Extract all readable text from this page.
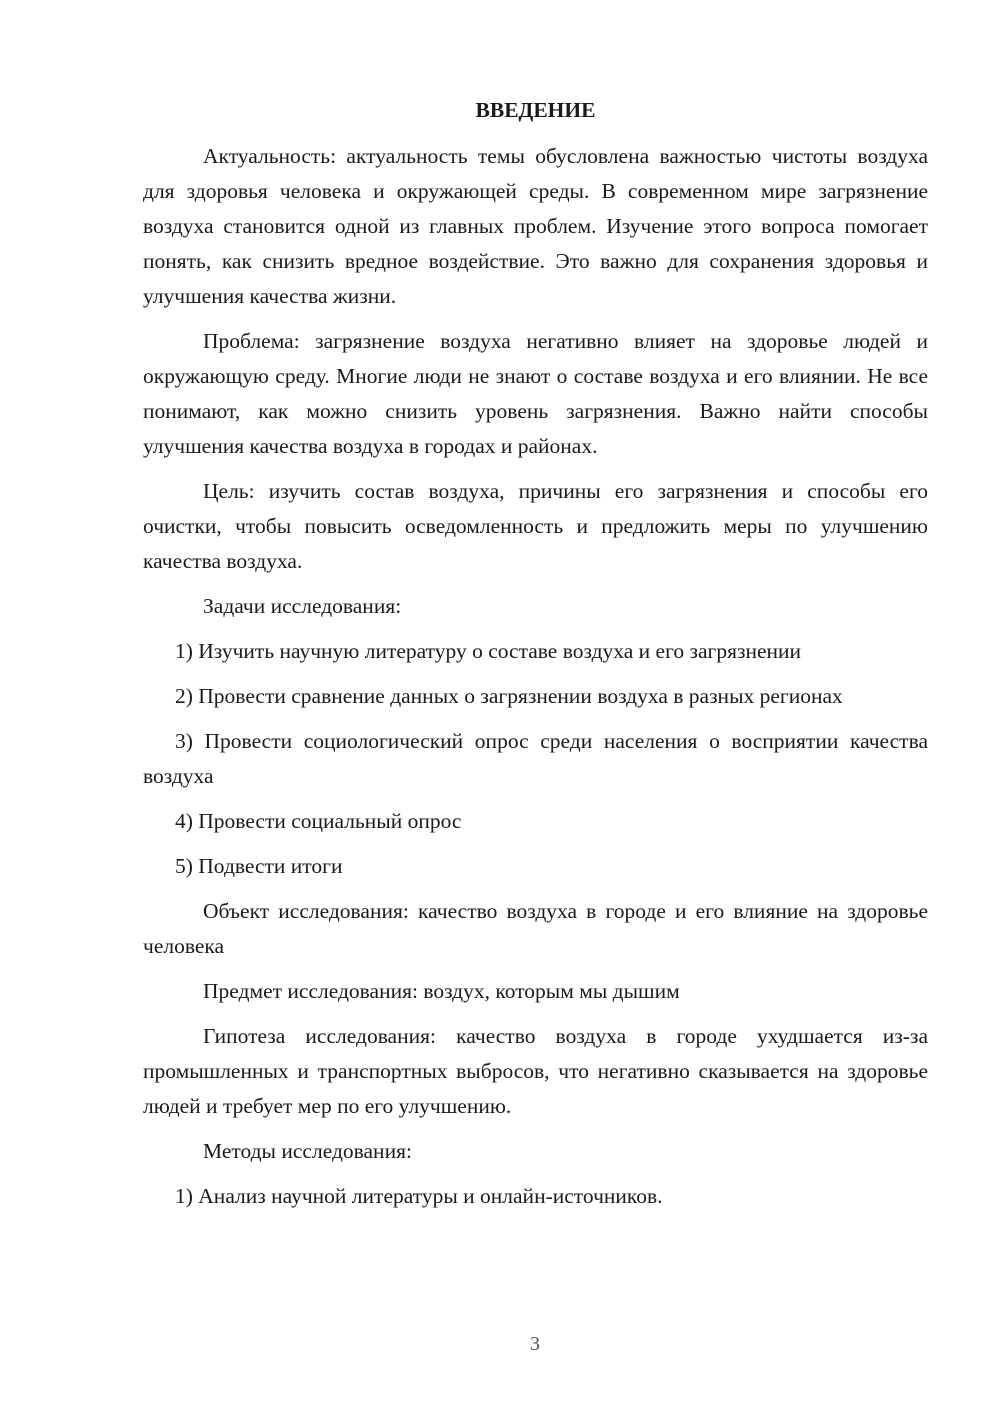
ВВЕДЕНИЕ

Актуальность: актуальность темы обусловлена важностью чистоты воздуха для здоровья человека и окружающей среды. В современном мире загрязнение воздуха становится одной из главных проблем. Изучение этого вопроса помогает понять, как снизить вредное воздействие. Это важно для сохранения здоровья и улучшения качества жизни.

Проблема: загрязнение воздуха негативно влияет на здоровье людей и окружающую среду. Многие люди не знают о составе воздуха и его влиянии. Не все понимают, как можно снизить уровень загрязнения. Важно найти способы улучшения качества воздуха в городах и районах.

Цель: изучить состав воздуха, причины его загрязнения и способы его очистки, чтобы повысить осведомленность и предложить меры по улучшению качества воздуха.

Задачи исследования:

1) Изучить научную литературу о составе воздуха и его загрязнении

2) Провести сравнение данных о загрязнении воздуха в разных регионах

3) Провести социологический опрос среди населения о восприятии качества воздуха

4) Провести социальный опрос

5) Подвести итоги

Объект исследования: качество воздуха в городе и его влияние на здоровье человека

Предмет исследования: воздух, которым мы дышим

Гипотеза исследования: качество воздуха в городе ухудшается из-за промышленных и транспортных выбросов, что негативно сказывается на здоровье людей и требует мер по его улучшению.

Методы исследования:

1) Анализ научной литературы и онлайн-источников.

3
